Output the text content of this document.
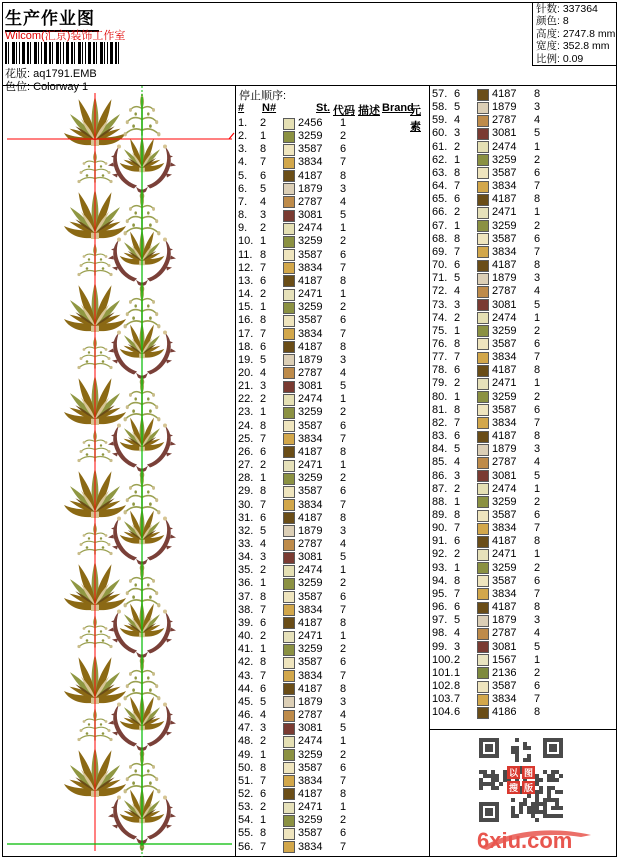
生产作业图
Wilcom(汇京)装饰工作室
花版: aq1791.EMB
色位: Colorway 1
针数: 337364
颜色: 8
高度: 2747.8 mm
宽度: 352.8 mm
比例: 0.09
停止顺序:
# N#	St. 代码 描述 Brand
元素
1. 2	2456	1
2. 1	3259	2
3. 8	3587	6
4. 7	3834	7
5. 6	4187	8
6. 5	1879	3
7. 4	2787	4
8. 3	3081	5
9. 2	2474	1
10. 1	3259	2
11. 8	3587	6
12. 7	3834	7
13. 6	4187	8
14. 2	2471	1
15. 1	3259	2
16. 8	3587	6
17. 7	3834	7
18. 6	4187	8
19. 5	1879	3
20. 4	2787	4
21. 3	3081	5
22. 2	2474	1
23. 1	3259	2
24. 8	3587	6
25. 7	3834	7
26. 6	4187	8
27. 2	2471	1
28. 1	3259	2
29. 8	3587	6
30. 7	3834	7
31. 6	4187	8
32. 5	1879	3
33. 4	2787	4
34. 3	3081	5
35. 2	2474	1
36. 1	3259	2
37. 8	3587	6
38. 7	3834	7
39. 6	4187	8
40. 2	2471	1
41. 1	3259	2
42. 8	3587	6
43. 7	3834	7
44. 6	4187	8
45. 5	1879	3
46. 4	2787	4
47. 3	3081	5
48. 2	2474	1
49. 1	3259	2
50. 8	3587	6
51. 7	3834	7
52. 6	4187	8
53. 2	2471	1
54. 1	3259	2
55. 8	3587	6
56. 7	3834	7
57. 6	4187	8
58. 5	1879	3
59. 4	2787	4
60. 3	3081	5
61. 2	2474	1
62. 1	3259	2
63. 8	3587	6
64. 7	3834	7
65. 6	4187	8
66. 2	2471	1
67. 1	3259	2
68. 8	3587	6
69. 7	3834	7
70. 6	4187	8
71. 5	1879	3
72. 4	2787	4
73. 3	3081	5
74. 2	2474	1
75. 1	3259	2
76. 8	3587	6
77. 7	3834	7
78. 6	4187	8
79. 2	2471	1
80. 1	3259	2
81. 8	3587	6
82. 7	3834	7
83. 6	4187	8
84. 5	1879	3
85. 4	2787	4
86. 3	3081	5
87. 2	2474	1
88. 1	3259	2
89. 8	3587	6
90. 7	3834	7
91. 6	4187	8
92. 2	2471	1
93. 1	3259	2
94. 8	3587	6
95. 7	3834	7
96. 6	4187	8
97. 5	1879	3
98. 4	2787	4
99. 3	3081	5
100. 2	1567	1
101. 1	2136	2
102. 8	3587	6
103. 7	3834	7
104. 6	4186	8
以 图
搜 版
6xiu.com
